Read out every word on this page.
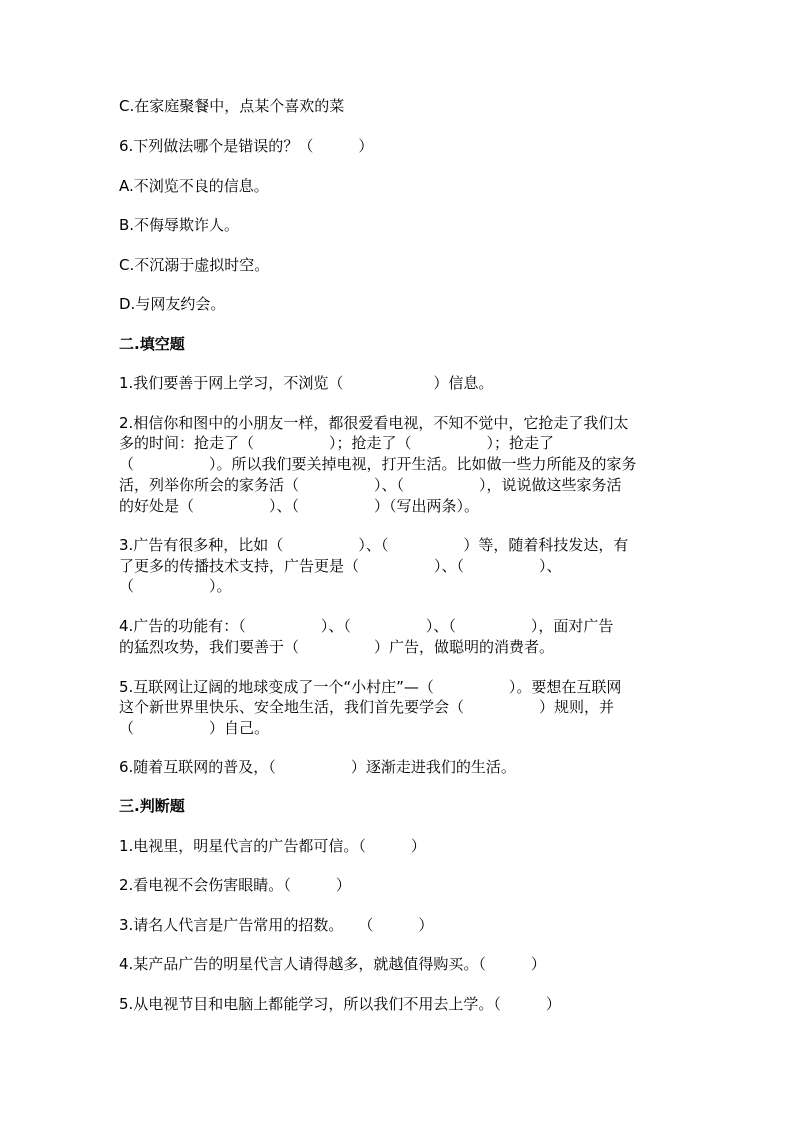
C.在家庭聚餐中，点某个喜欢的菜
6.下列做法哪个是错误的？（　　　）
A.不浏览不良的信息。
B.不侮辱欺诈人。
C.不沉溺于虚拟时空。
D.与网友约会。
二.填空题
1.我们要善于网上学习，不浏览（　　　　　　）信息。
2.相信你和图中的小朋友一样，都很爱看电视，不知不觉中，它抢走了我们太
多的时间：抢走了（　　　　　）；抢走了（　　　　　）；抢走了
（　　　　　）。所以我们要关掉电视，打开生活。比如做一些力所能及的家务
活，列举你所会的家务活（　　　　　）、（　　　　　），说说做这些家务活
的好处是（　　　　　）、（　　　　　）（写出两条）。
3.广告有很多种，比如（　　　　　）、（　　　　　）等，随着科技发达，有
了更多的传播技术支持，广告更是（　　　　　）、（　　　　　）、
（　　　　　）。
4.广告的功能有：（　　　　　）、（　　　　　）、（　　　　　），面对广告
的猛烈攻势，我们要善于（　　　　　）广告，做聪明的消费者。
5.互联网让辽阔的地球变成了一个“小村庄”—（　　　　　）。要想在互联网
这个新世界里快乐、安全地生活，我们首先要学会（　　　　　）规则，并
（　　　　　）自己。
6.随着互联网的普及，（　　　　　）逐渐走进我们的生活。
三.判断题
1.电视里，明星代言的广告都可信。（　　　）
2.看电视不会伤害眼睛。（　　　）
3.请名人代言是广告常用的招数。　　（　　　）
4.某产品广告的明星代言人请得越多，就越值得购买。（　　　）
5.从电视节目和电脑上都能学习，所以我们不用去上学。（　　　）
